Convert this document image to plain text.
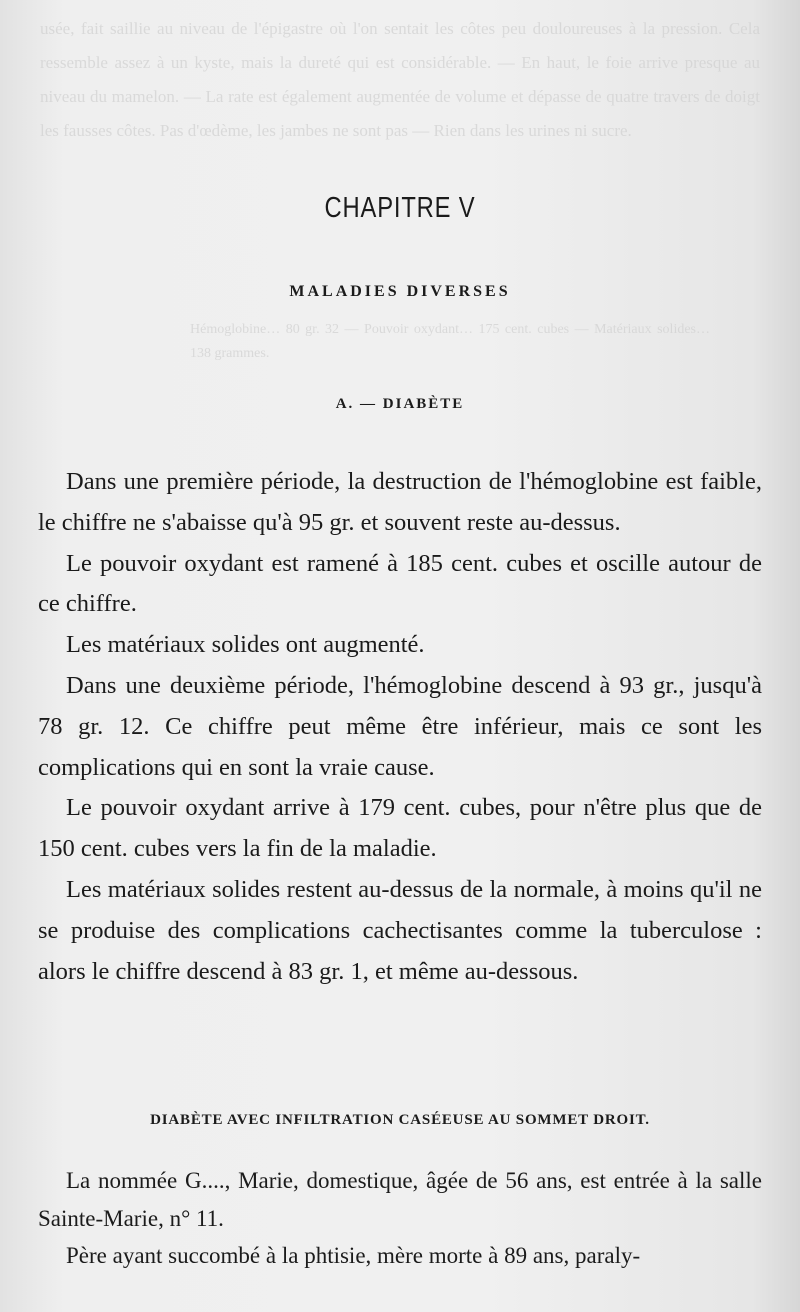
usée, fait saillie au niveau de l'épigastre où l'on sentait les côtes peu douloureuses à la pression. Cela ressemble assez à un kyste, mais la dureté qui est considérable. — En haut, le foie arrive presque au niveau du mamelon. — La rate est également augmentée de volume et dépasse de quatre travers de doigt les fausses côtes. Pas d'œdème, les jambes ne sont pas — Rien dans les urines ni sucre.
Hémoglobine… 80 gr. 32 — Pouvoir oxydant… 175 cent. cubes — Matériaux solides… 138 grammes.
CHAPITRE V
MALADIES DIVERSES
A. — DIABÈTE

Dans une première période, la destruction de l'hémoglobine est faible, le chiffre ne s'abaisse qu'à 95 gr. et souvent reste au-dessus.

Le pouvoir oxydant est ramené à 185 cent. cubes et oscille autour de ce chiffre.

Les matériaux solides ont augmenté.

Dans une deuxième période, l'hémoglobine descend à 93 gr., jusqu'à 78 gr. 12. Ce chiffre peut même être inférieur, mais ce sont les complications qui en sont la vraie cause.

Le pouvoir oxydant arrive à 179 cent. cubes, pour n'être plus que de 150 cent. cubes vers la fin de la maladie.

Les matériaux solides restent au-dessus de la normale, à moins qu'il ne se produise des complications cachectisantes comme la tuberculose : alors le chiffre descend à 83 gr. 1, et même au-dessous.

DIABÈTE AVEC INFILTRATION CASÉEUSE AU SOMMET DROIT.

La nommée G...., Marie, domestique, âgée de 56 ans, est entrée à la salle Sainte-Marie, n° 11.

Père ayant succombé à la phtisie, mère morte à 89 ans, paraly-
